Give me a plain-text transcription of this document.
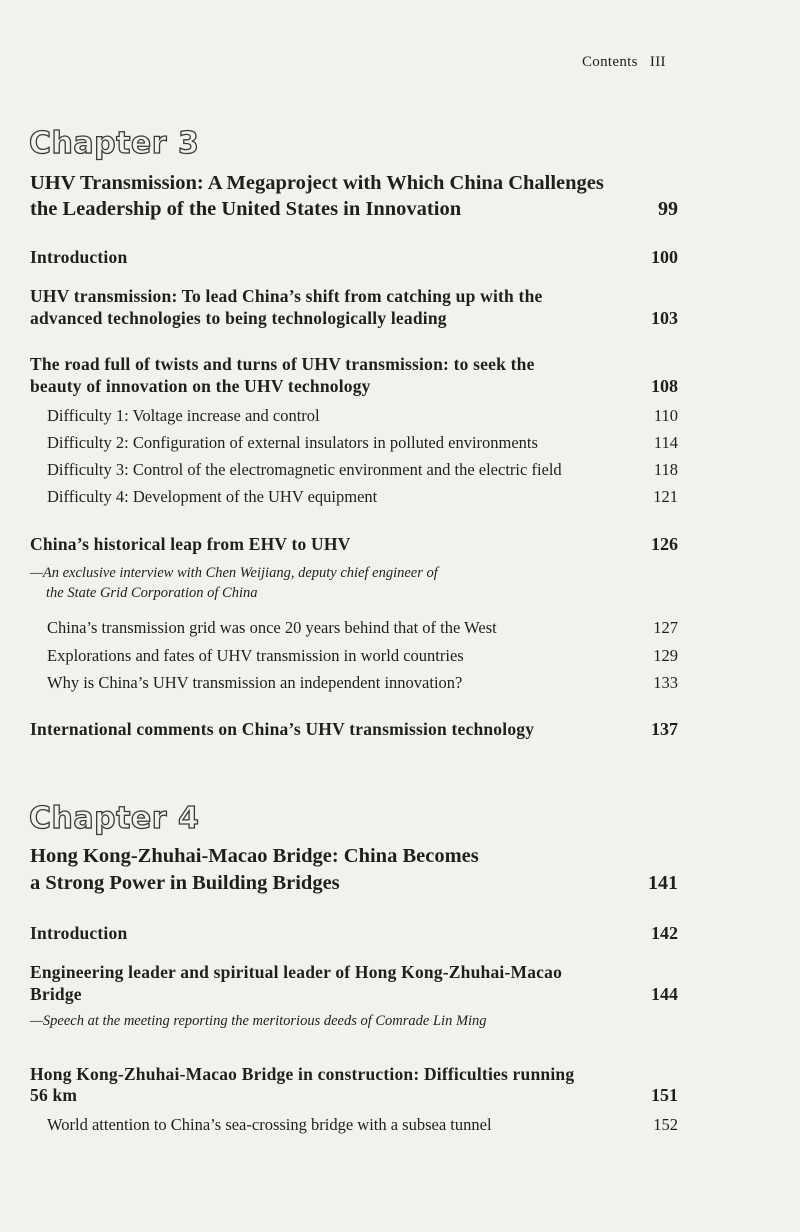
Contents III
Chapter 3
UHV Transmission: A Megaproject with Which China Challenges
the Leadership of the United States in Innovation	99
Introduction	100
UHV transmission: To lead China’s shift from catching up with the
advanced technologies to being technologically leading	103
The road full of twists and turns of UHV transmission: to seek the
beauty of innovation on the UHV technology	108
Difficulty 1: Voltage increase and control	110
Difficulty 2: Configuration of external insulators in polluted environments	114
Difficulty 3: Control of the electromagnetic environment and the electric field	118
Difficulty 4: Development of the UHV equipment	121
China’s historical leap from EHV to UHV	126
—An exclusive interview with Chen Weijiang, deputy chief engineer of
the State Grid Corporation of China
China’s transmission grid was once 20 years behind that of the West	127
Explorations and fates of UHV transmission in world countries	129
Why is China’s UHV transmission an independent innovation?	133
International comments on China’s UHV transmission technology	137
Chapter 4
Hong Kong-Zhuhai-Macao Bridge: China Becomes
a Strong Power in Building Bridges	141
Introduction	142
Engineering leader and spiritual leader of Hong Kong-Zhuhai-Macao
Bridge	144
—Speech at the meeting reporting the meritorious deeds of Comrade Lin Ming
Hong Kong-Zhuhai-Macao Bridge in construction: Difficulties running
56 km	151
World attention to China’s sea-crossing bridge with a subsea tunnel	152
